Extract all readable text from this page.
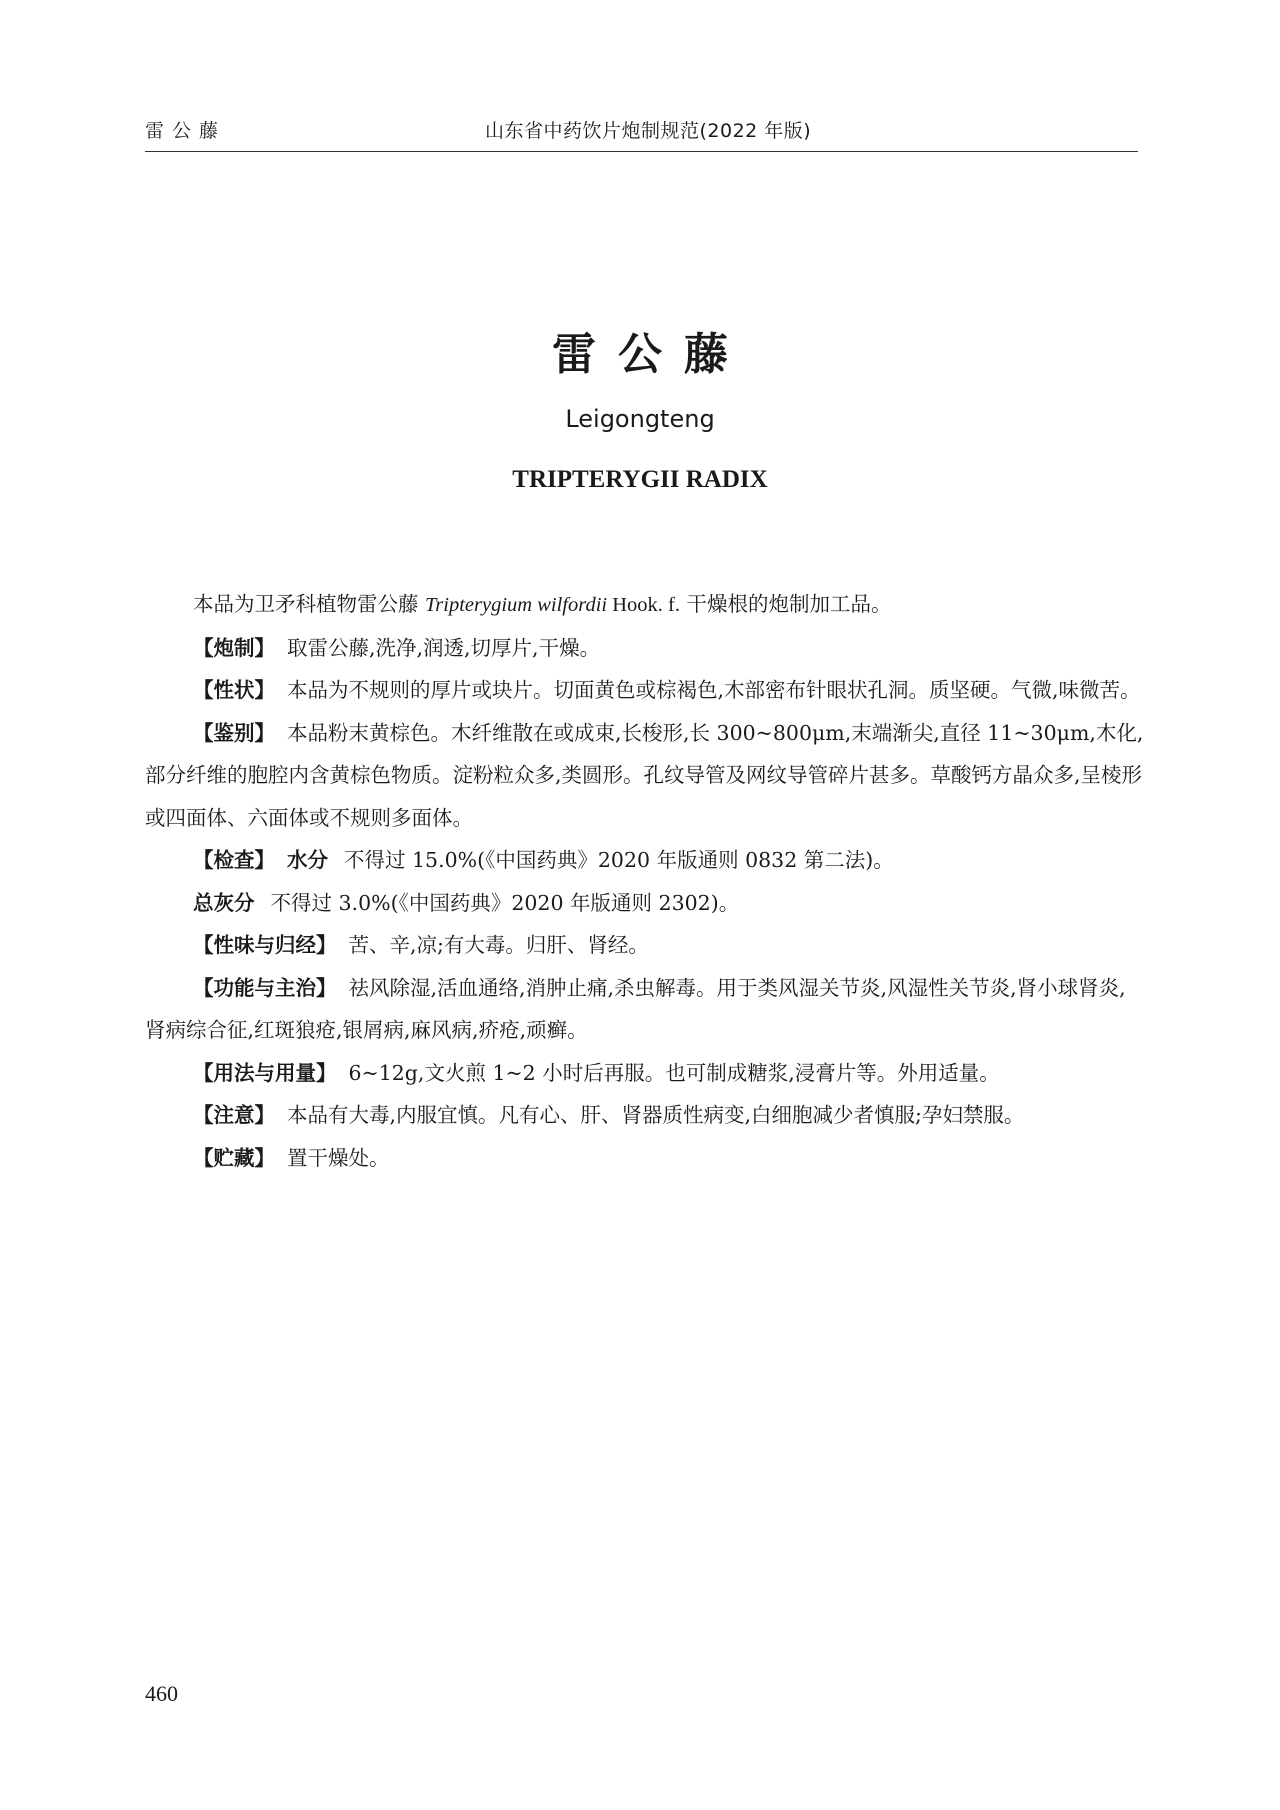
雷公藤	山东省中药饮片炮制规范(2022 年版)
雷公藤
Leigongteng
TRIPTERYGII RADIX

本品为卫矛科植物雷公藤 Tripterygium wilfordii Hook. f. 干燥根的炮制加工品。

【炮制】 取雷公藤,洗净,润透,切厚片,干燥。

【性状】 本品为不规则的厚片或块片。切面黄色或棕褐色,木部密布针眼状孔洞。质坚硬。气微,味微苦。

【鉴别】 本品粉末黄棕色。木纤维散在或成束,长梭形,长 300~800μm,末端渐尖,直径 11~30μm,木化,部分纤维的胞腔内含黄棕色物质。淀粉粒众多,类圆形。孔纹导管及网纹导管碎片甚多。草酸钙方晶众多,呈棱形或四面体、六面体或不规则多面体。

【检查】 水分 不得过 15.0%(《中国药典》2020 年版通则 0832 第二法)。

总灰分 不得过 3.0%(《中国药典》2020 年版通则 2302)。

【性味与归经】 苦、辛,凉;有大毒。归肝、肾经。

【功能与主治】 祛风除湿,活血通络,消肿止痛,杀虫解毒。用于类风湿关节炎,风湿性关节炎,肾小球肾炎,肾病综合征,红斑狼疮,银屑病,麻风病,疥疮,顽癣。

【用法与用量】 6~12g,文火煎 1~2 小时后再服。也可制成糖浆,浸膏片等。外用适量。

【注意】 本品有大毒,内服宜慎。凡有心、肝、肾器质性病变,白细胞减少者慎服;孕妇禁服。

【贮藏】 置干燥处。

460
